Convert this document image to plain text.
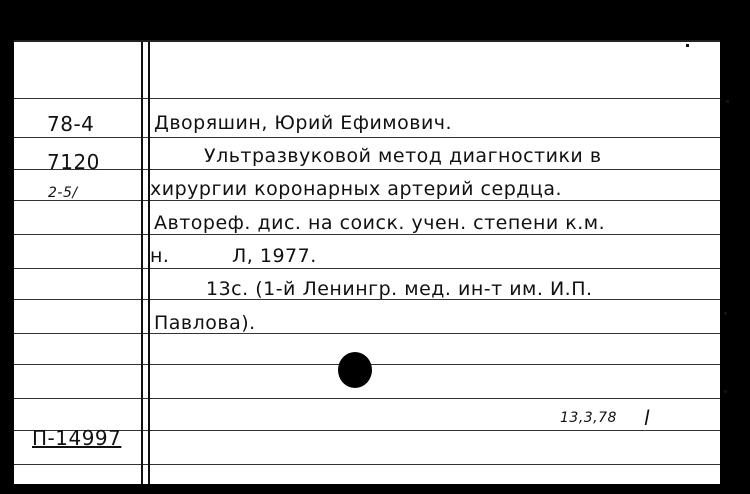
78-4
7120
2-5/
Дворяшин, Юрий Ефимович.
Ультразвуковой метод диагностики в
хирургии коронарных артерий сердца.
Автореф. дис. на соиск. учен. степени к.м.
н.	Л, 1977.
13с. (1-й Ленингр. мед. ин-т им. И.П.
Павлова).
П-14997
13,3,78 l
